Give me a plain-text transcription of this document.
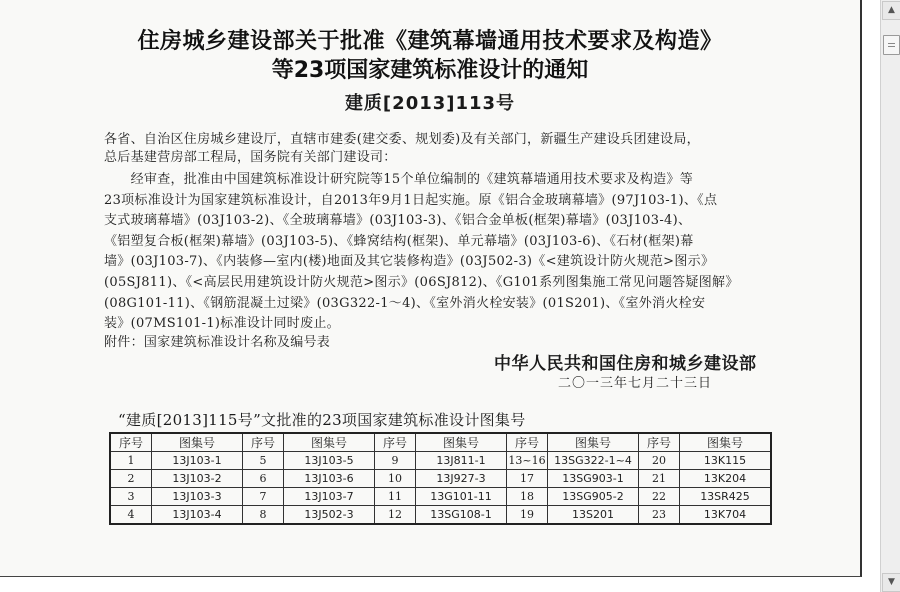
住房城乡建设部关于批准《建筑幕墙通用技术要求及构造》
等23项国家建筑标准设计的通知
建质[2013]113号
各省、自治区住房城乡建设厅，直辖市建委(建交委、规划委)及有关部门，新疆生产建设兵团建设局，
总后基建营房部工程局，国务院有关部门建设司：
　　经审查，批准由中国建筑标准设计研究院等15个单位编制的《建筑幕墙通用技术要求及构造》等
23项标准设计为国家建筑标准设计，自2013年9月1日起实施。原《铝合金玻璃幕墙》(97J103-1)、《点
支式玻璃幕墙》(03J103-2)、《全玻璃幕墙》(03J103-3)、《铝合金单板(框架)幕墙》(03J103-4)、
《铝塑复合板(框架)幕墙》(03J103-5)、《蜂窝结构(框架)、单元幕墙》(03J103-6)、《石材(框架)幕
墙》(03J103-7)、《内装修—室内(楼)地面及其它装修构造》(03J502-3)《<建筑设计防火规范>图示》
(05SJ811)、《<高层民用建筑设计防火规范>图示》(06SJ812)、《G101系列图集施工常见问题答疑图解》
(08G101-11)、《钢筋混凝土过梁》(03G322-1～4)、《室外消火栓安装》(01S201)、《室外消火栓安
装》(07MS101-1)标准设计同时废止。
附件：国家建筑标准设计名称及编号表
中华人民共和国住房和城乡建设部
二〇一三年七月二十三日
“建质[2013]115号”文批准的23项国家建筑标准设计图集号
序号	图集号	序号	图集号	序号	图集号	序号	图集号	序号	图集号
1	13J103-1	5	13J103-5	9	13J811-1	13~16	13SG322-1~4	20	13K115
2	13J103-2	6	13J103-6	10	13J927-3	17	13SG903-1	21	13K204
3	13J103-3	7	13J103-7	11	13G101-11	18	13SG905-2	22	13SR425
4	13J103-4	8	13J502-3	12	13SG108-1	19	13S201	23	13K704
▲
▼
